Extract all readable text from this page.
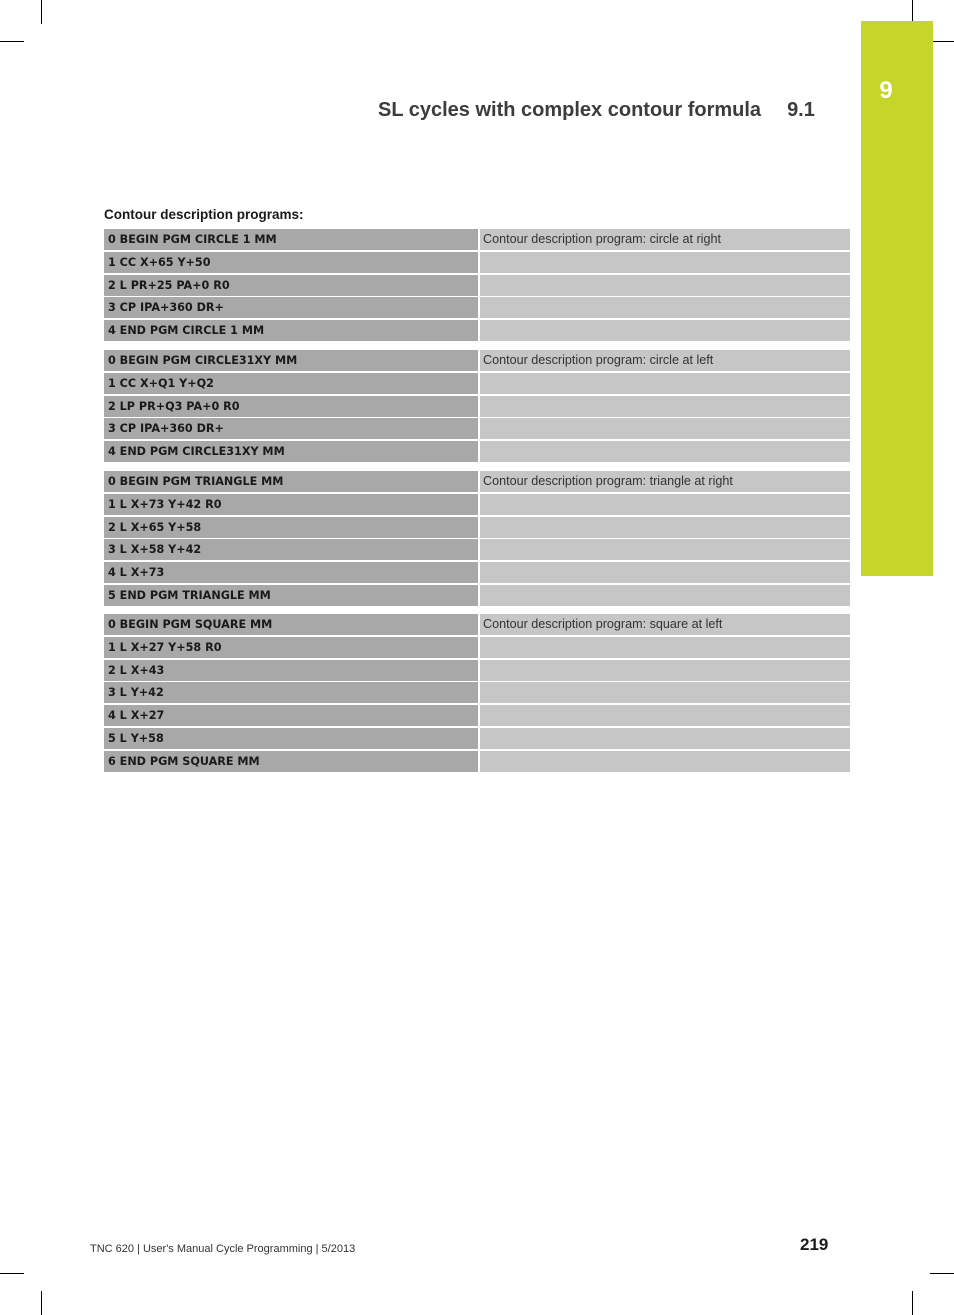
9
SL cycles with complex contour formula 9.1
Contour description programs:
0 BEGIN PGM CIRCLE 1 MM	Contour description program: circle at right
1 CC X+65 Y+50
2 L PR+25 PA+0 R0
3 CP IPA+360 DR+
4 END PGM CIRCLE 1 MM
0 BEGIN PGM CIRCLE31XY MM	Contour description program: circle at left
1 CC X+Q1 Y+Q2
2 LP PR+Q3 PA+0 R0
3 CP IPA+360 DR+
4 END PGM CIRCLE31XY MM
0 BEGIN PGM TRIANGLE MM	Contour description program: triangle at right
1 L X+73 Y+42 R0
2 L X+65 Y+58
3 L X+58 Y+42
4 L X+73
5 END PGM TRIANGLE MM
0 BEGIN PGM SQUARE MM	Contour description program: square at left
1 L X+27 Y+58 R0
2 L X+43
3 L Y+42
4 L X+27
5 L Y+58
6 END PGM SQUARE MM
TNC 620 | User's Manual Cycle Programming | 5/2013	219
